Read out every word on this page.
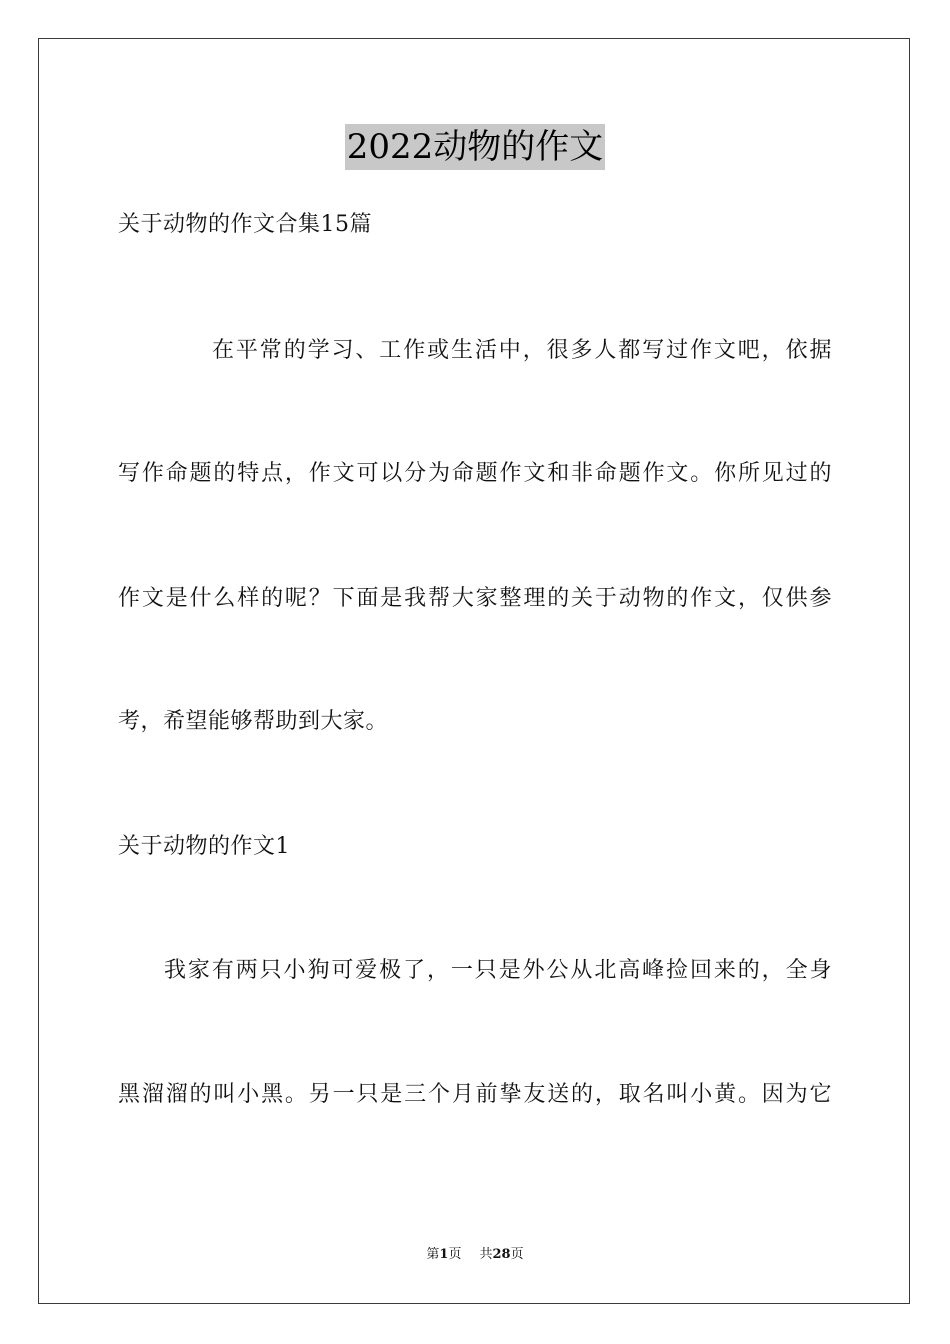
2022动物的作文
关于动物的作文合集15篇
在平常的学习、工作或生活中，很多人都写过作文吧，依据
写作命题的特点，作文可以分为命题作文和非命题作文。你所见过的
作文是什么样的呢？下面是我帮大家整理的关于动物的作文，仅供参
考，希望能够帮助到大家。
关于动物的作文1
我家有两只小狗可爱极了，一只是外公从北高峰捡回来的，全身
黑溜溜的叫小黑。另一只是三个月前挚友送的，取名叫小黄。因为它
第1页 共28页
